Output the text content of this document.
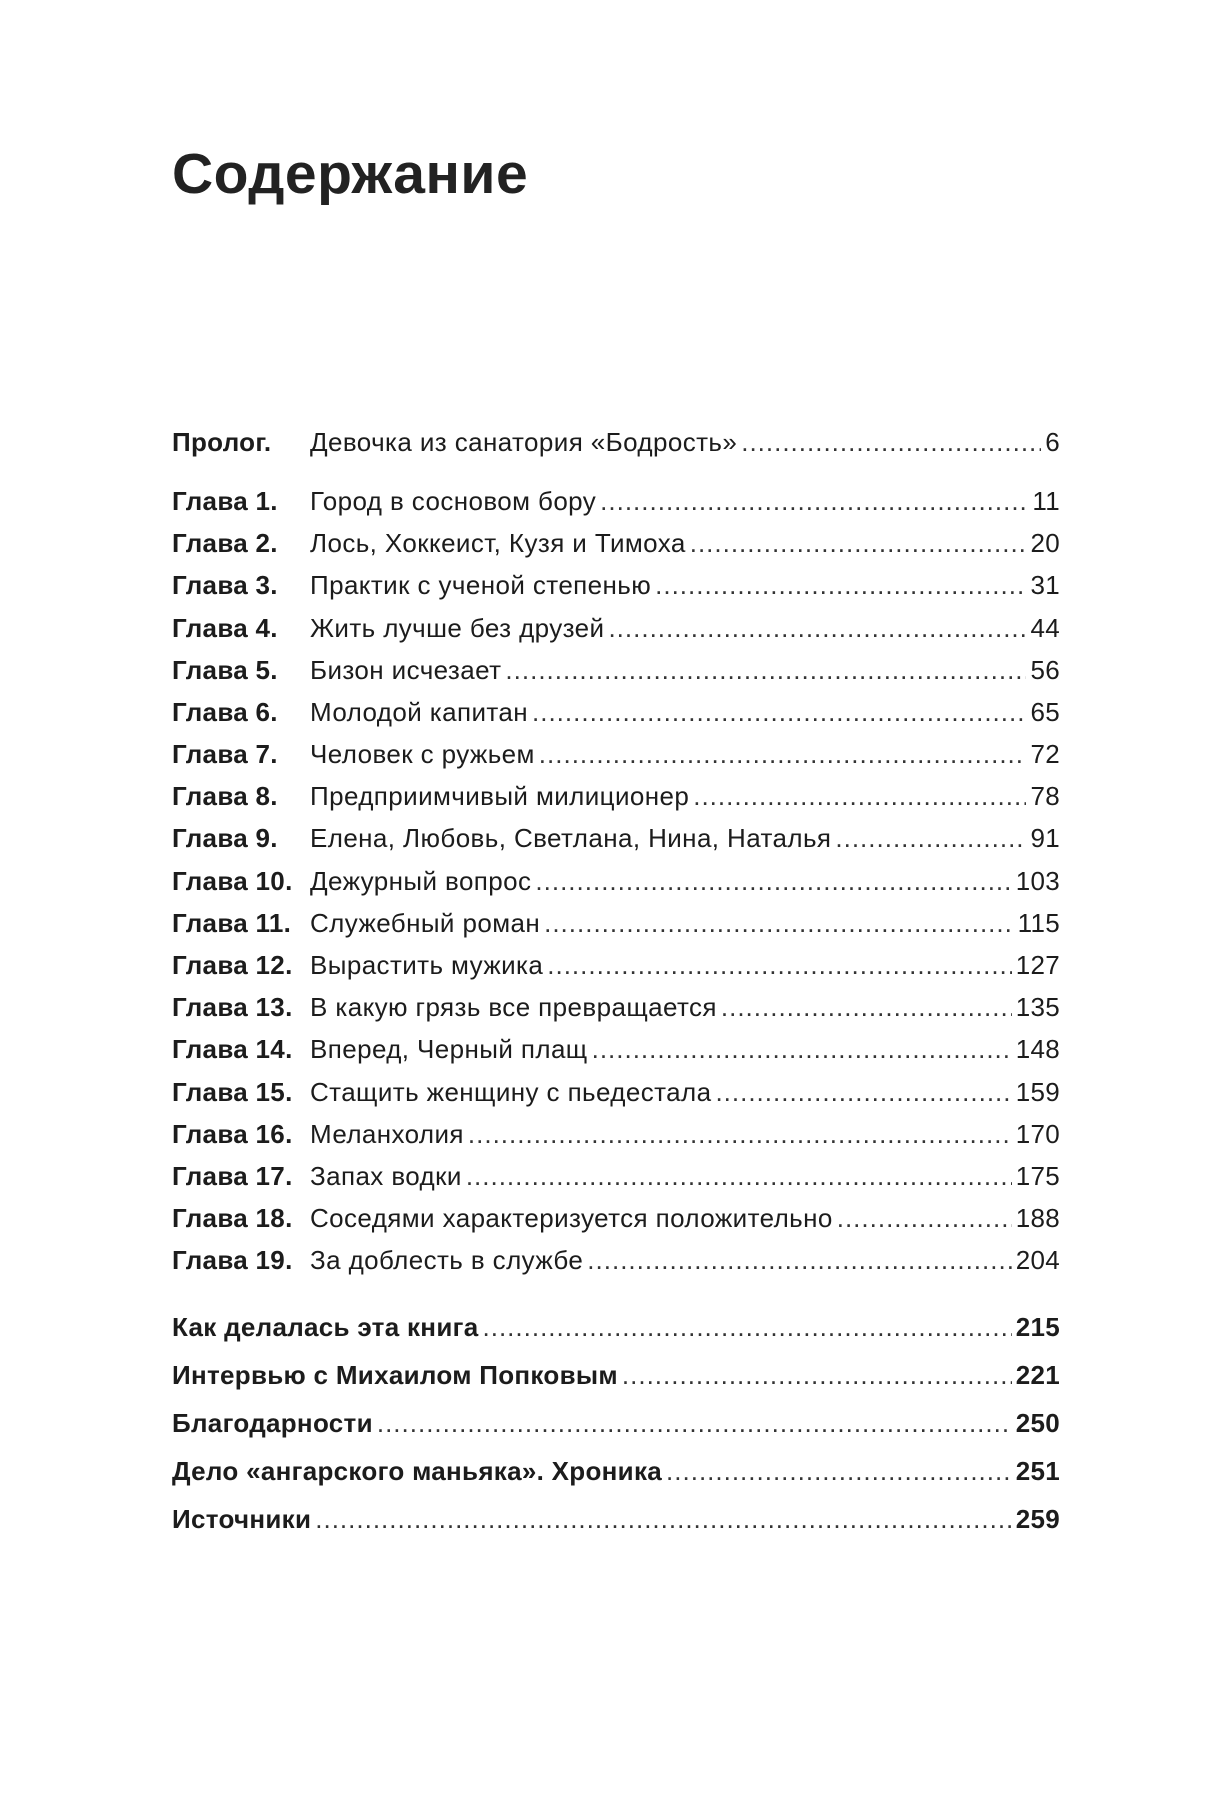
Содержание
Пролог.	Девочка из санатория «Бодрость» .....	6
Глава 1.	Город в сосновом бору .....	11
Глава 2.	Лось, Хоккеист, Кузя и Тимоха .....	20
Глава 3.	Практик с ученой степенью .....	31
Глава 4.	Жить лучше без друзей .....	44
Глава 5.	Бизон исчезает .....	56
Глава 6.	Молодой капитан .....	65
Глава 7.	Человек с ружьем .....	72
Глава 8.	Предприимчивый милиционер .....	78
Глава 9.	Елена, Любовь, Светлана, Нина, Наталья .....	91
Глава 10. Дежурный вопрос .....	103
Глава 11. Служебный роман .....	115
Глава 12. Вырастить мужика .....	127
Глава 13. В какую грязь все превращается .....	135
Глава 14. Вперед, Черный плащ .....	148
Глава 15. Стащить женщину с пьедестала .....	159
Глава 16. Меланхолия .....	170
Глава 17. Запах водки .....	175
Глава 18. Соседями характеризуется положительно .....	188
Глава 19. За доблесть в службе .....	204
Как делалась эта книга .....	215
Интервью с Михаилом Попковым .....	221
Благодарности .....	250
Дело «ангарского маньяка». Хроника .....	251
Источники .....	259
